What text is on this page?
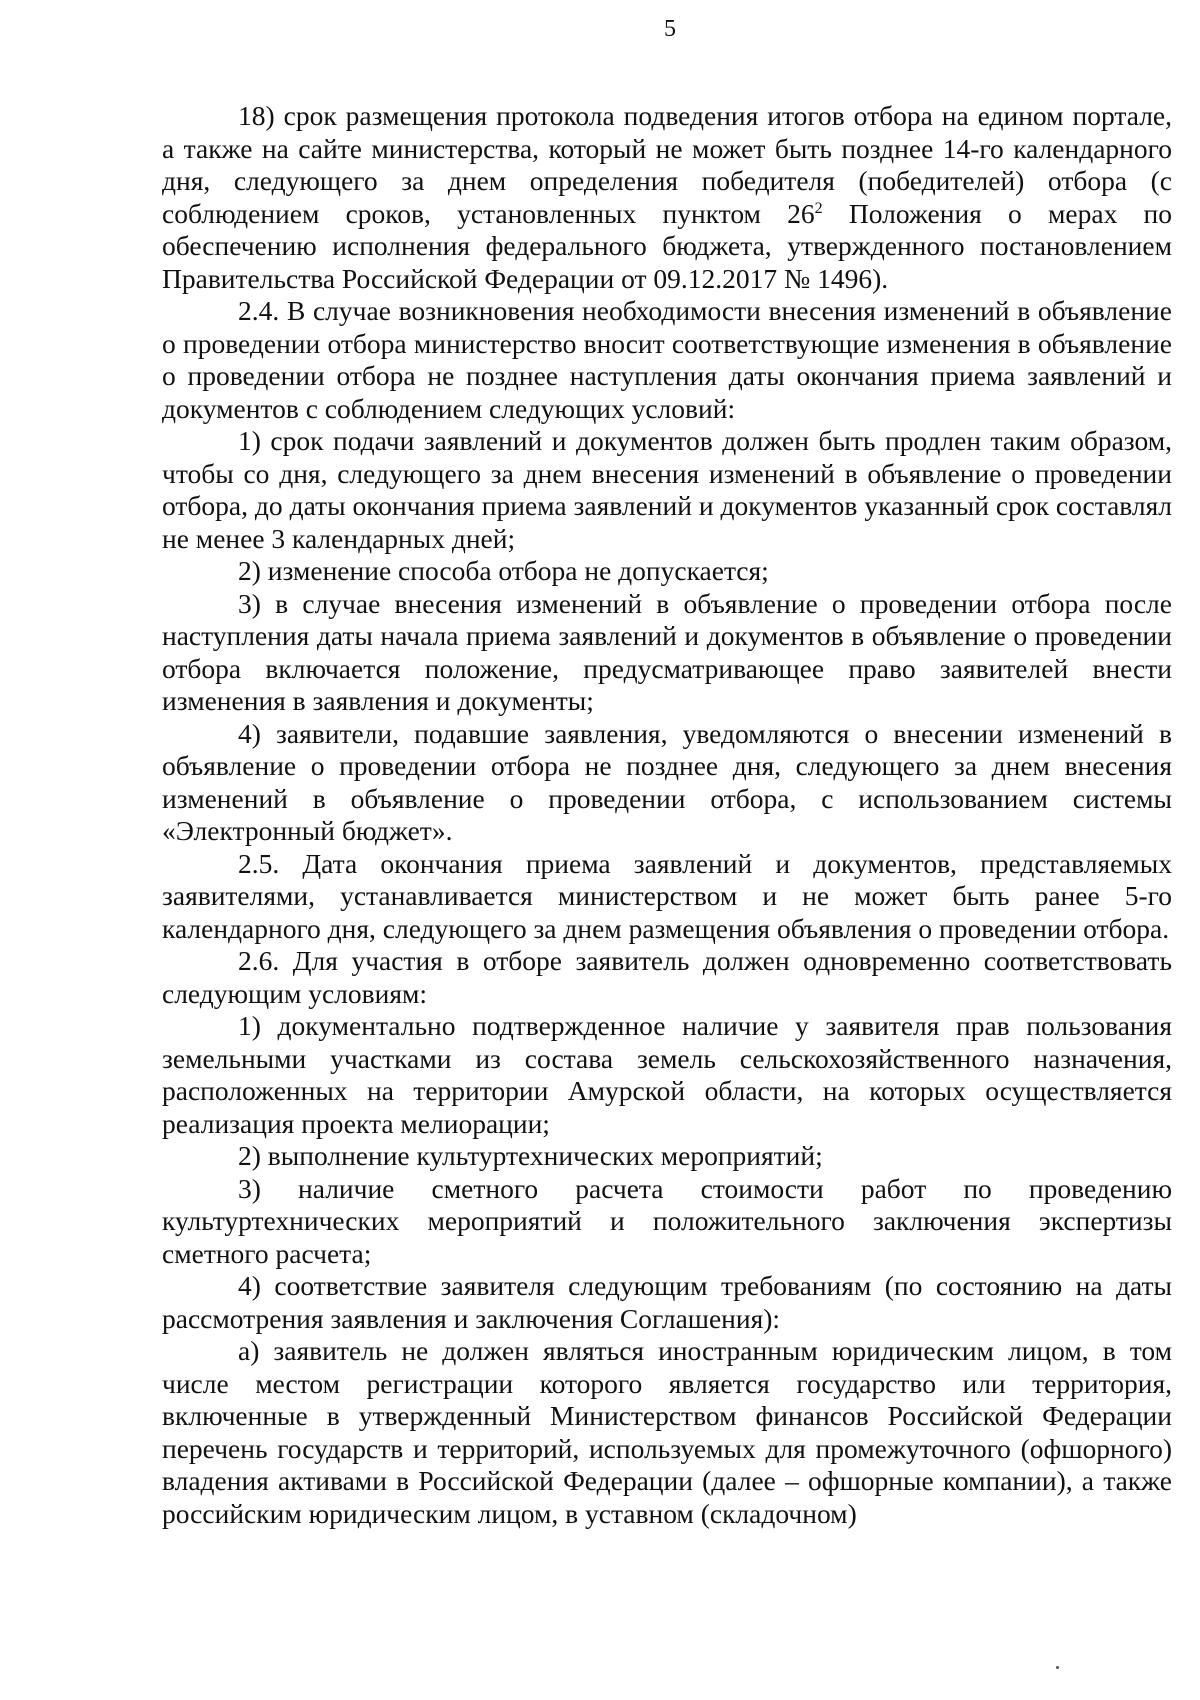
5

18) срок размещения протокола подведения итогов отбора на едином портале, а также на сайте министерства, который не может быть позднее 14-го календарного дня, следующего за днем определения победителя (победителей) отбора (с соблюдением сроков, установленных пунктом $26^2$ Положения о мерах по обеспечению исполнения федерального бюджета, утвержденного постановлением Правительства Российской Федерации от 09.12.2017 № 1496).

2.4. В случае возникновения необходимости внесения изменений в объявление о проведении отбора министерство вносит соответствующие изменения в объявление о проведении отбора не позднее наступления даты окончания приема заявлений и документов с соблюдением следующих условий:

1) срок подачи заявлений и документов должен быть продлен таким образом, чтобы со дня, следующего за днем внесения изменений в объявление о проведении отбора, до даты окончания приема заявлений и документов указанный срок составлял не менее 3 календарных дней;

2) изменение способа отбора не допускается;

3) в случае внесения изменений в объявление о проведении отбора после наступления даты начала приема заявлений и документов в объявление о проведении отбора включается положение, предусматривающее право заявителей внести изменения в заявления и документы;

4) заявители, подавшие заявления, уведомляются о внесении изменений в объявление о проведении отбора не позднее дня, следующего за днем внесения изменений в объявление о проведении отбора, с использованием системы «Электронный бюджет».

2.5. Дата окончания приема заявлений и документов, представляемых заявителями, устанавливается министерством и не может быть ранее 5-го календарного дня, следующего за днем размещения объявления о проведении отбора.

2.6. Для участия в отборе заявитель должен одновременно соответствовать следующим условиям:

1) документально подтвержденное наличие у заявителя прав пользования земельными участками из состава земель сельскохозяйственного назначения, расположенных на территории Амурской области, на которых осуществляется реализация проекта мелиорации;

2) выполнение культуртехнических мероприятий;

3) наличие сметного расчета стоимости работ по проведению культуртехнических мероприятий и положительного заключения экспертизы сметного расчета;

4) соответствие заявителя следующим требованиям (по состоянию на даты рассмотрения заявления и заключения Соглашения):

а) заявитель не должен являться иностранным юридическим лицом, в том числе местом регистрации которого является государство или территория, включенные в утвержденный Министерством финансов Российской Федерации перечень государств и территорий, используемых для промежуточного (офшорного) владения активами в Российской Федерации (далее – офшорные компании), а также российским юридическим лицом, в уставном (складочном)
